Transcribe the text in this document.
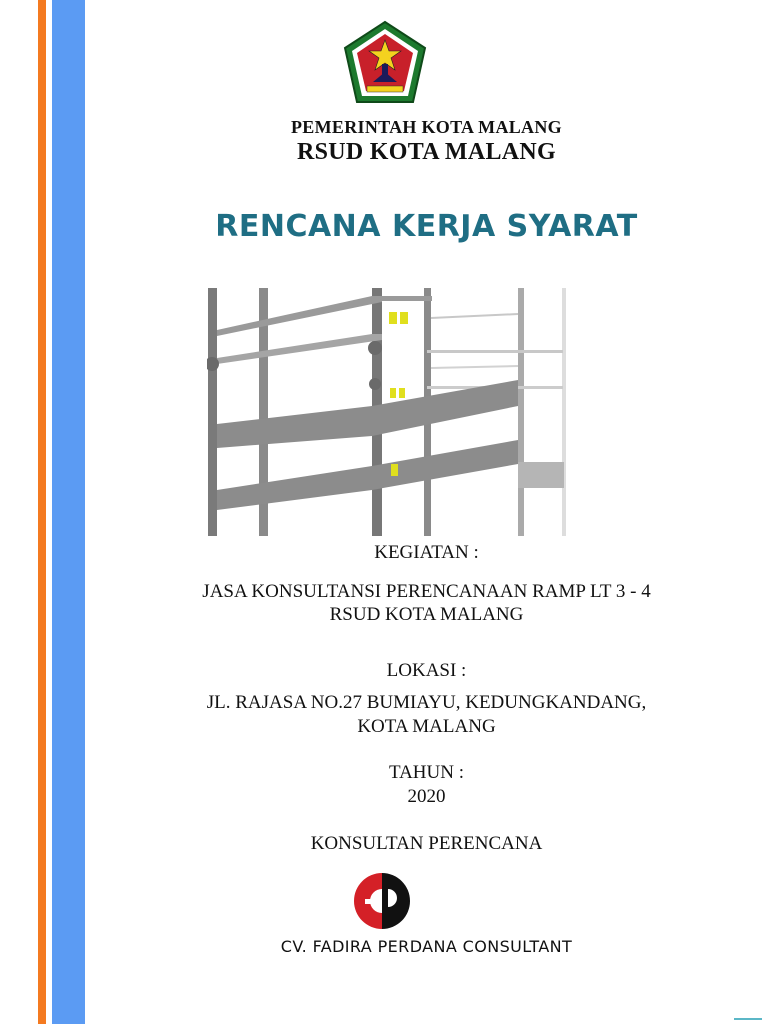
PEMERINTAH KOTA MALANG
RSUD KOTA MALANG
RENCANA KERJA SYARAT
KEGIATAN :
JASA KONSULTANSI PERENCANAAN RAMP LT 3 - 4
RSUD KOTA MALANG
LOKASI :
JL. RAJASA NO.27 BUMIAYU, KEDUNGKANDANG,
KOTA MALANG
TAHUN :
2020
KONSULTAN PERENCANA
CV. FADIRA PERDANA CONSULTANT
